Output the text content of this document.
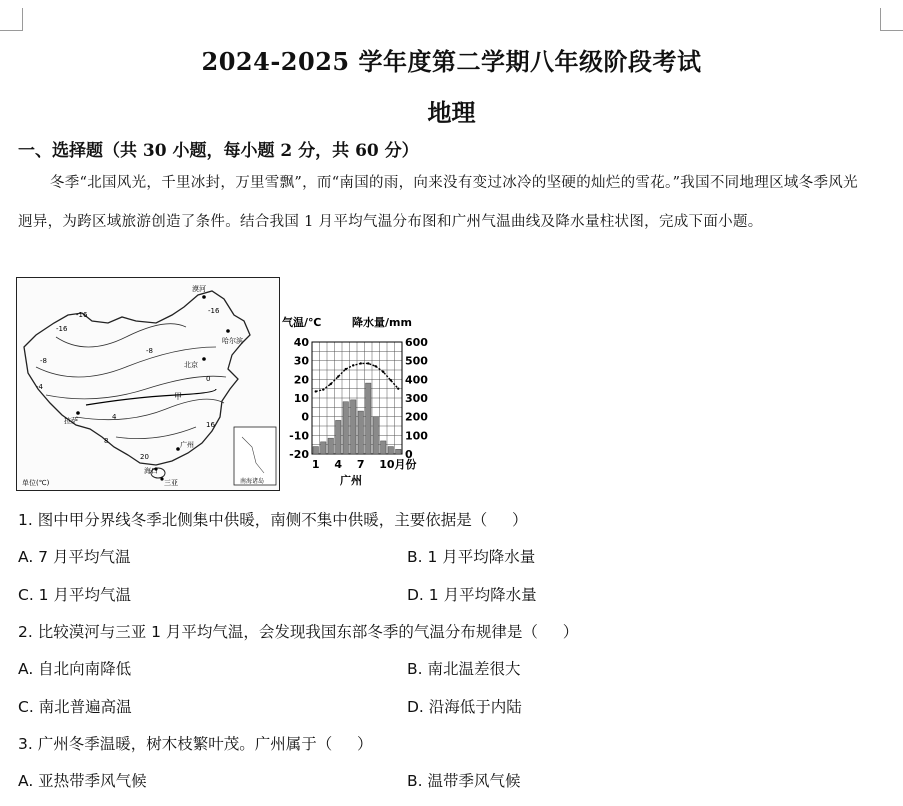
2024-2025 学年度第二学期八年级阶段考试
地理
一、选择题（共 30 小题，每小题 2 分，共 60 分）
冬季“北国风光，千里冰封，万里雪飘”，而“南国的雨，向来没有变过冰冷的坚硬的灿烂的雪花。”我国不同地理区域冬季风光迥异，为跨区域旅游创造了条件。结合我国 1 月平均气温分布图和广州气温曲线及降水量柱状图，完成下面小题。
漠河
哈尔滨
北京
拉萨
甲
广州
海口
三亚
单位(℃)	南海诸岛
-16
-16
-16
-8
-8
-4
0
4
8
16
20
气温/℃	降水量/mm
40
30
20
10
0
-10
-20
600
500
400
300
200
100
0
1 4 7 10月份
广州
1. 图中甲分界线冬季北侧集中供暖，南侧不集中供暖，主要依据是（ ）
A. 7 月平均气温	B. 1 月平均降水量
C. 1 月平均气温	D. 1 月平均降水量
2. 比较漠河与三亚 1 月平均气温，会发现我国东部冬季的气温分布规律是（ ）
A. 自北向南降低	B. 南北温差很大
C. 南北普遍高温	D. 沿海低于内陆
3. 广州冬季温暖，树木枝繁叶茂。广州属于（ ）
A. 亚热带季风气候	B. 温带季风气候
